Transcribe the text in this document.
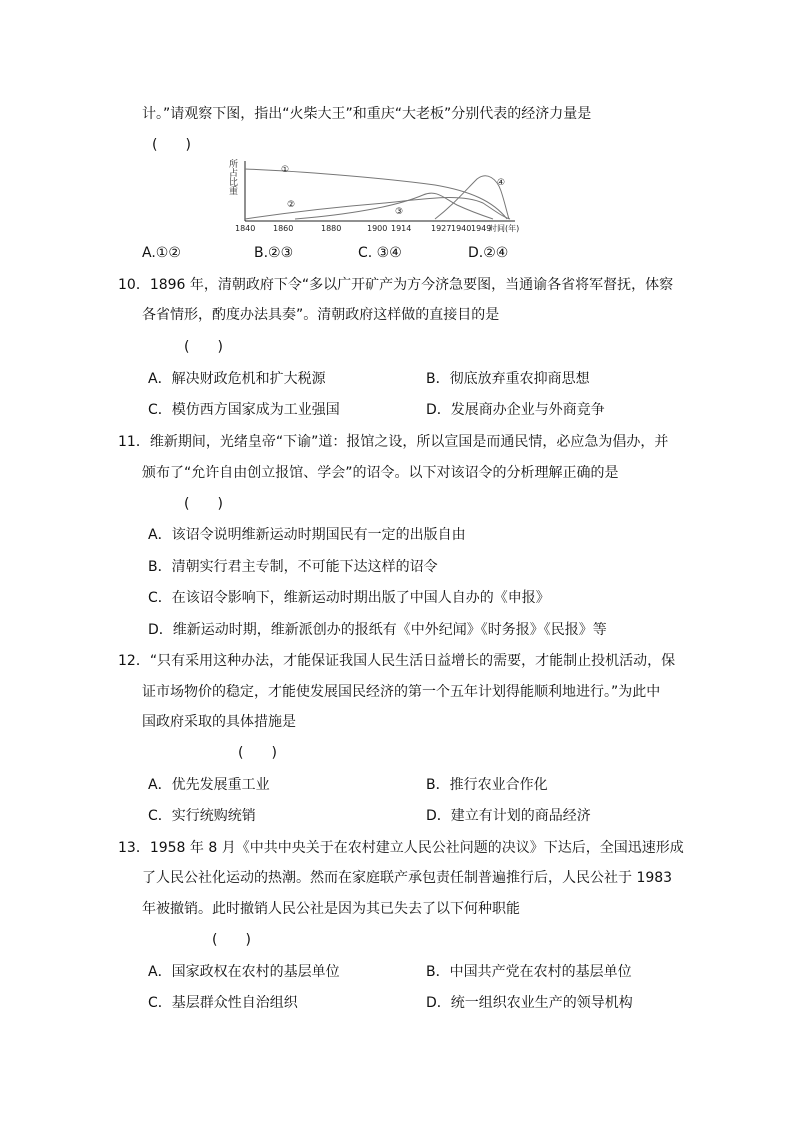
计。”请观察下图，指出“火柴大王”和重庆“大老板”分别代表的经济力量是
(　　)
所
占
比
重
①
②
③
④
1840 1860	1880	1900 1914 1927 1940 1949
时间(年)
A.①②	B.②③	C. ③④	D.②④
10．1896 年，清朝政府下令“多以广开矿产为方今济急要图，当通谕各省将军督抚，体察
各省情形，酌度办法具奏”。清朝政府这样做的直接目的是
(　　)
A．解决财政危机和扩大税源	B．彻底放弃重农抑商思想
C．模仿西方国家成为工业强国	D．发展商办企业与外商竞争
11．维新期间，光绪皇帝“下谕”道：报馆之设，所以宣国是而通民情，必应急为倡办，并
颁布了“允许自由创立报馆、学会”的诏令。以下对该诏令的分析理解正确的是
(　　)
A．该诏令说明维新运动时期国民有一定的出版自由
B．清朝实行君主专制，不可能下达这样的诏令
C．在该诏令影响下，维新运动时期出版了中国人自办的《申报》
D．维新运动时期，维新派创办的报纸有《中外纪闻》《时务报》《民报》等
12．“只有采用这种办法，才能保证我国人民生活日益增长的需要，才能制止投机活动，保
证市场物价的稳定，才能使发展国民经济的第一个五年计划得能顺利地进行。”为此中
国政府采取的具体措施是
(　　)
A．优先发展重工业	B．推行农业合作化
C．实行统购统销	D．建立有计划的商品经济
13．1958 年 8 月《中共中央关于在农村建立人民公社问题的决议》下达后，全国迅速形成
了人民公社化运动的热潮。然而在家庭联产承包责任制普遍推行后，人民公社于 1983
年被撤销。此时撤销人民公社是因为其已失去了以下何种职能
(　　)
A．国家政权在农村的基层单位	B．中国共产党在农村的基层单位
C．基层群众性自治组织	D．统一组织农业生产的领导机构
